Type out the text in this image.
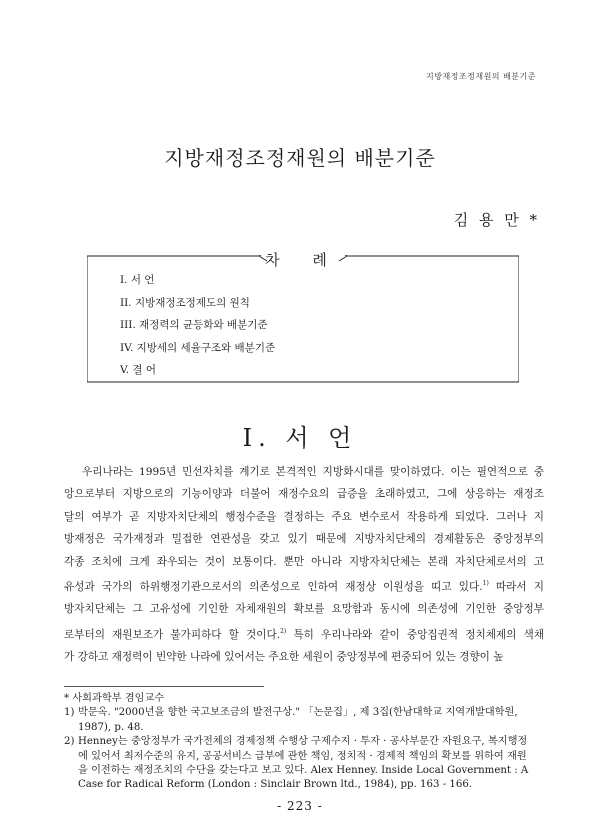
지방재정조정재원의 배분기준
지방재정조정재원의 배분기준
김 용 만 *
차 례
I. 서 언
II. 지방재정조정제도의 원칙
III. 재정력의 균등화와 배분기준
IV. 지방세의 세율구조와 배분기준
V. 결 어
I. 서 언
우리나라는 1995년 민선자치를 계기로 본격적인 지방화시대를 맞이하였다. 이는 필연적으로 중
앙으로부터 지방으로의 기능이양과 더불어 재정수요의 급증을 초래하였고, 그에 상응하는 재정조
달의 여부가 곧 지방자치단체의 행정수준을 결정하는 주요 변수로서 작용하게 되었다. 그러나 지
방재정은 국가재정과 밀접한 연관성을 갖고 있기 때문에 지방자치단체의 경제활동은 중앙정부의
각종 조치에 크게 좌우되는 것이 보통이다. 뿐만 아니라 지방자치단체는 본래 자치단체로서의 고
유성과 국가의 하위행정기관으로서의 의존성으로 인하여 재정상 이원성을 띠고 있다.$^{1)}$ 따라서 지
방자치단체는 그 고유성에 기인한 자체재원의 확보를 요망함과 동시에 의존성에 기인한 중앙정부
로부터의 재원보조가 불가피하다 할 것이다.$^{2)}$ 특히 우리나라와 같이 중앙집권적 정치체제의 색채
가 강하고 재정력이 빈약한 나라에 있어서는 주요한 세원이 중앙정부에 편중되어 있는 경향이 높
* 사회과학부 겸임교수
1) 박문옥. "2000년을 향한 국고보조금의 발전구상." 「논문집」, 제 3집(한남대학교 지역개발대학원,
1987), p. 48.
2) Henney는 중앙정부가 국가전체의 경제정책 수행상 구제수지 · 투자 · 공사부문간 자원요구, 복지행정
에 있어서 최저수준의 유지, 공공서비스 급부에 관한 책임, 정치적 · 경제적 책임의 확보를 위하여 재원
을 이전하는 재정조치의 수단을 갖는다고 보고 있다. Alex Henney. Inside Local Government : A
Case for Radical Reform (London : Sinclair Brown ltd., 1984), pp. 163 - 166.
- 223 -
